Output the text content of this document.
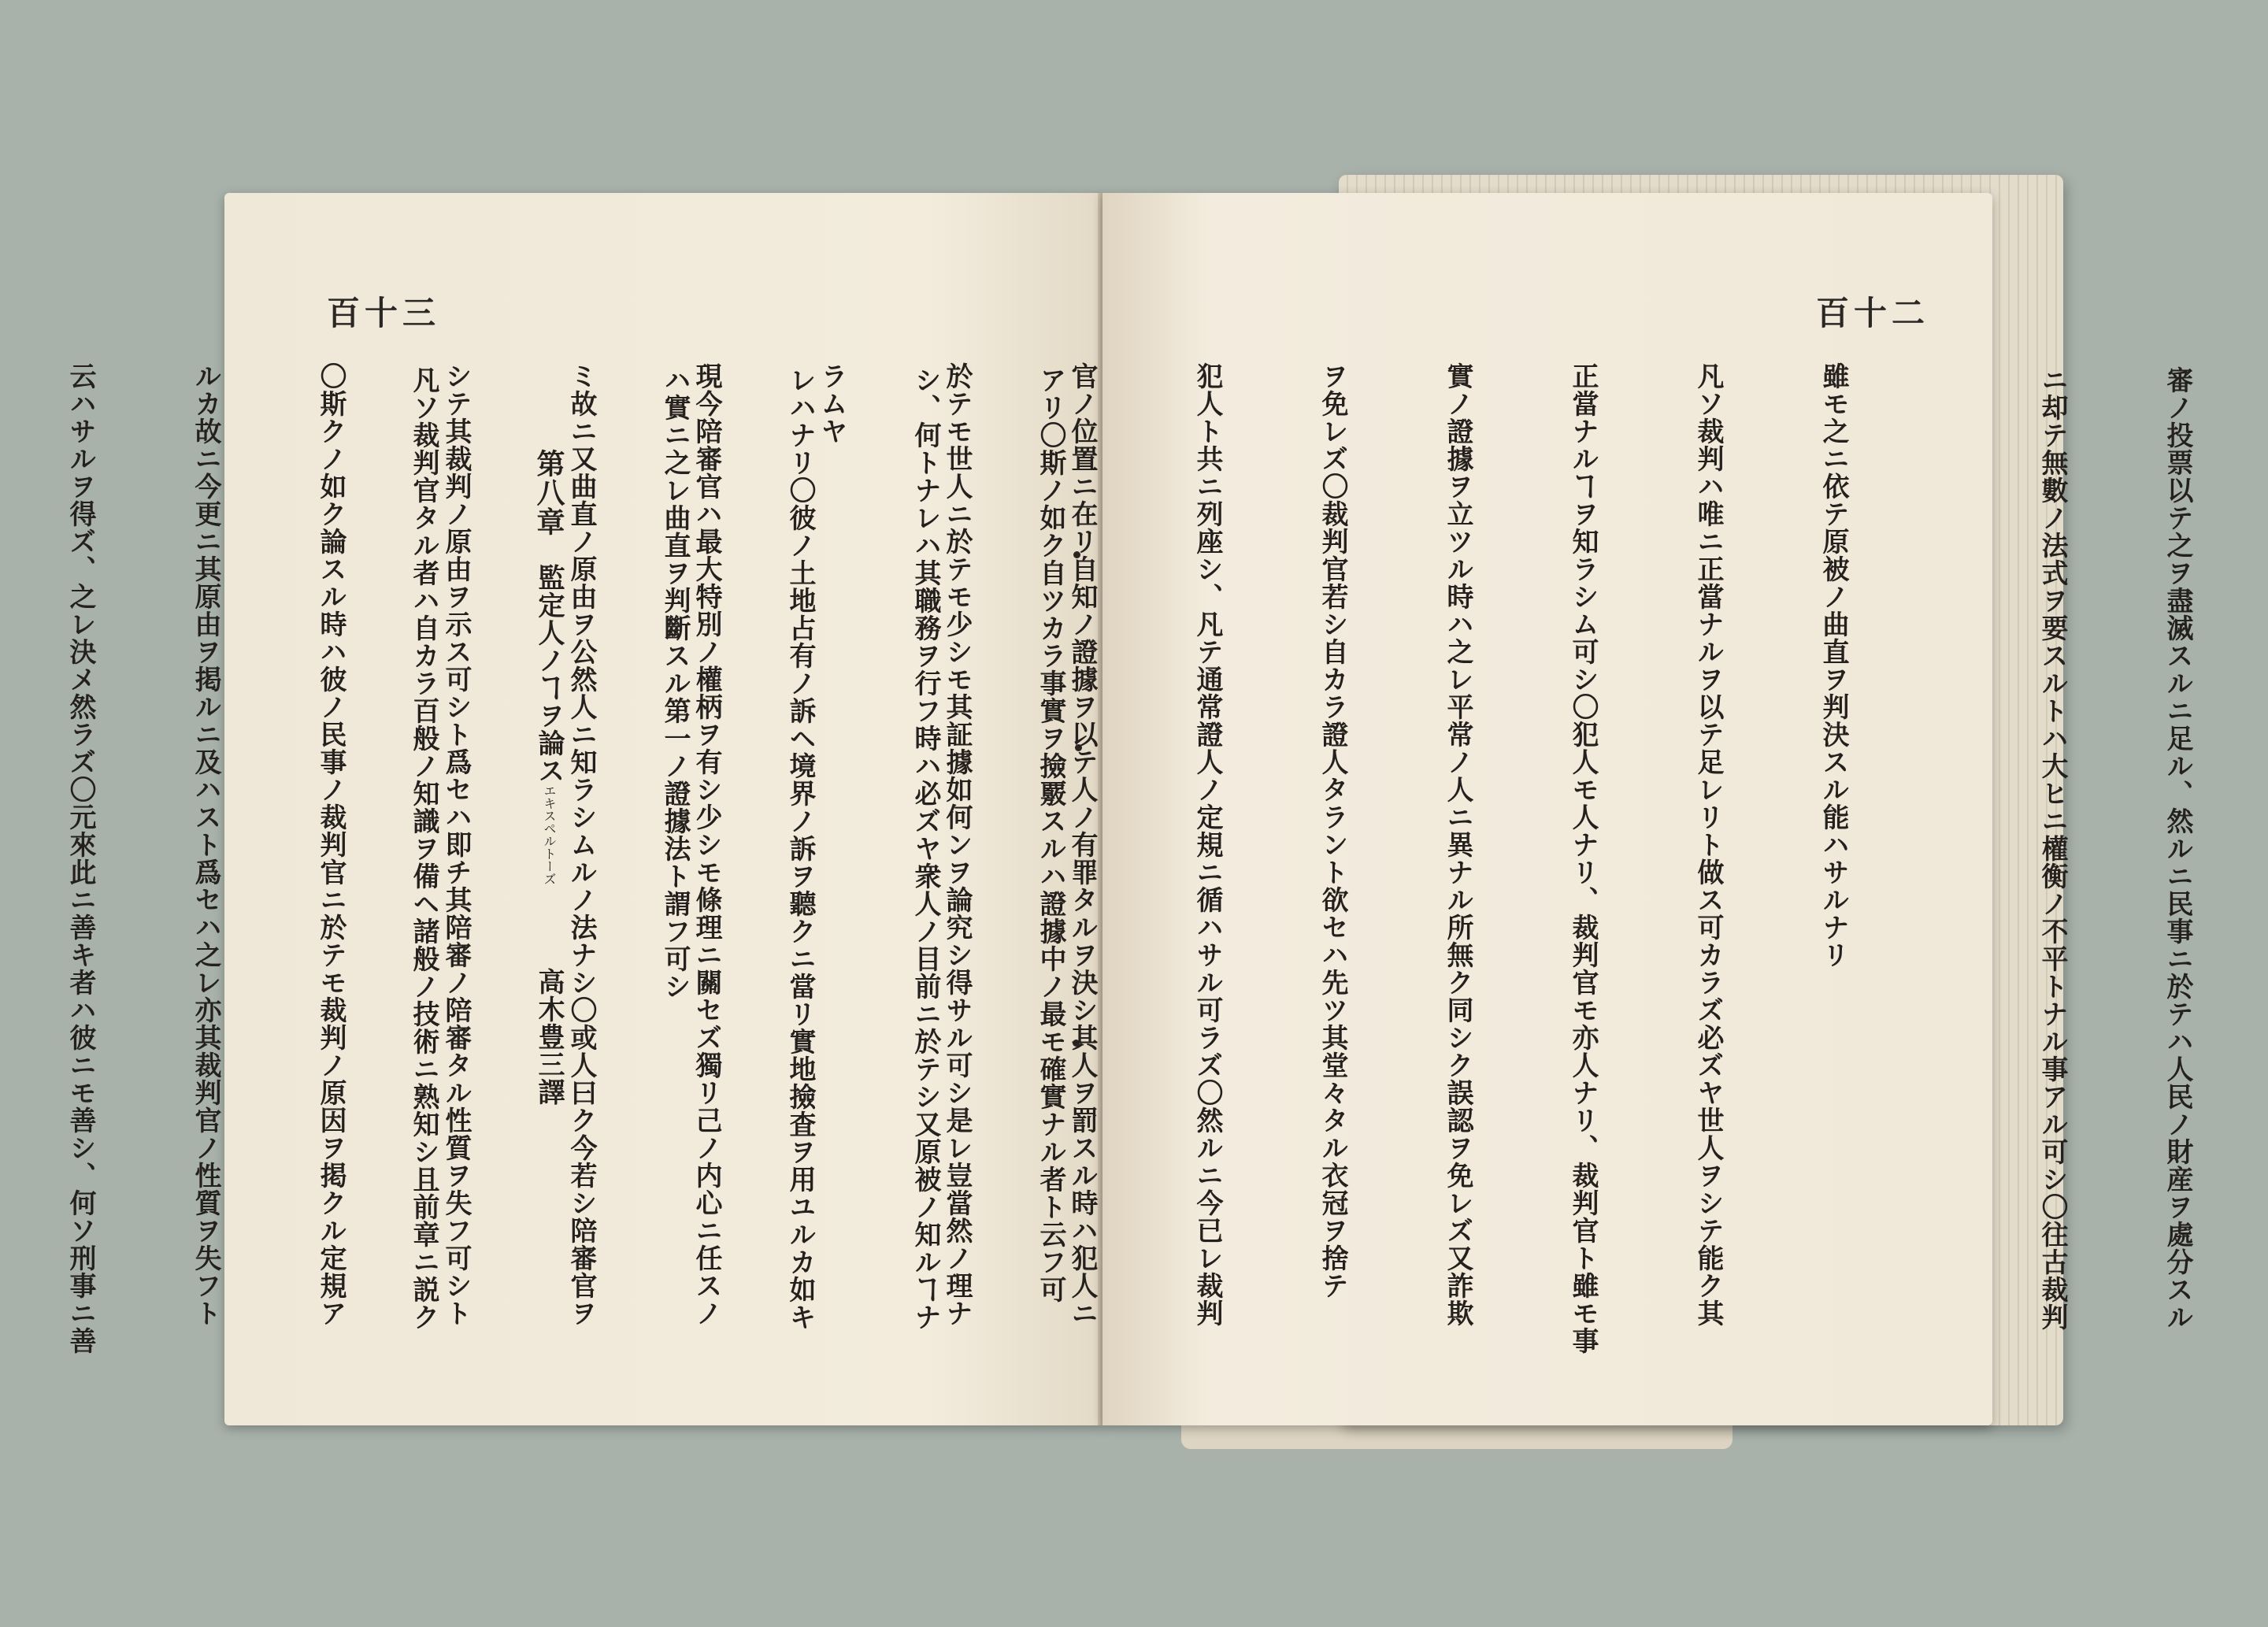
百十三

審ノ投票以テ之ヲ盡滅スルニ足ル、然ルニ民事ニ於テハ人民ノ財産ヲ處分スル

ニ却テ無數ノ法式ヲ要スルトハ大ヒニ權衡ノ不平トナル事アル可シ〇往古裁判

アリ〇斯ノ如ク自ツカラ事實ヲ撿覈スルハ證據中ノ最モ確實ナル者ト云フ可

シ、何トナレハ其職務ヲ行フ時ハ必ズヤ衆人ノ目前ニ於テシ又原被ノ知ルヿナ

レハナリ〇彼ノ土地占有ノ訴ヘ境界ノ訴ヲ聽クニ當リ實地撿査ヲ用ユルカ如キ

ハ實ニ之レ曲直ヲ判斷スル第一ノ證據法ト謂フ可シ

　　　第八章　監定人ノヿヲ論スエキスペルトーズ　　　高木豊三譯

凡ソ裁判官タル者ハ自カラ百般ノ知識ヲ備ヘ諸般ノ技術ニ熟知シ且前章ニ説ク

百十二

雖モ之ニ依テ原被ノ曲直ヲ判決スル能ハサルナリ

凡ソ裁判ハ唯ニ正當ナルヲ以テ足レリト做ス可カラズ必ズヤ世人ヲシテ能ク其

正當ナルヿヲ知ラシム可シ〇犯人モ人ナリ、裁判官モ亦人ナリ、裁判官ト雖モ事

實ノ證據ヲ立ツル時ハ之レ平常ノ人ニ異ナル所無ク同シク誤認ヲ免レズ又詐欺

ヲ免レズ〇裁判官若シ自カラ證人タラント欲セハ先ツ其堂々タル衣冠ヲ捨テ

犯人ト共ニ列座シ、凡テ通常證人ノ定規ニ循ハサル可ラズ〇然ルニ今已レ裁判

官ノ位置ニ在リ自知ノ證據ヲ以テ人ノ有罪タルヲ決シ其人ヲ罰スル時ハ犯人ニ

於テモ世人ニ於テモ少シモ其証據如何ンヲ論究シ得サル可シ是レ豈當然ノ理ナ

ラムヤ

現今陪審官ハ最大特別ノ權柄ヲ有シ少シモ條理ニ關セズ獨リ己ノ内心ニ任スノ

ミ故ニ又曲直ノ原由ヲ公然人ニ知ラシムルノ法ナシ〇或人曰ク今若シ陪審官ヲ

シテ其裁判ノ原由ヲ示ス可シト爲セハ即チ其陪審ノ陪審タル性質ヲ失フ可シト

〇斯クノ如ク論スル時ハ彼ノ民事ノ裁判官ニ於テモ裁判ノ原因ヲ掲クル定規ア

ルカ故ニ今更ニ其原由ヲ掲ルニ及ハスト爲セハ之レ亦其裁判官ノ性質ヲ失フト

云ハサルヲ得ズ、之レ決メ然ラズ〇元來此ニ善キ者ハ彼ニモ善シ、何ソ刑事ニ善
